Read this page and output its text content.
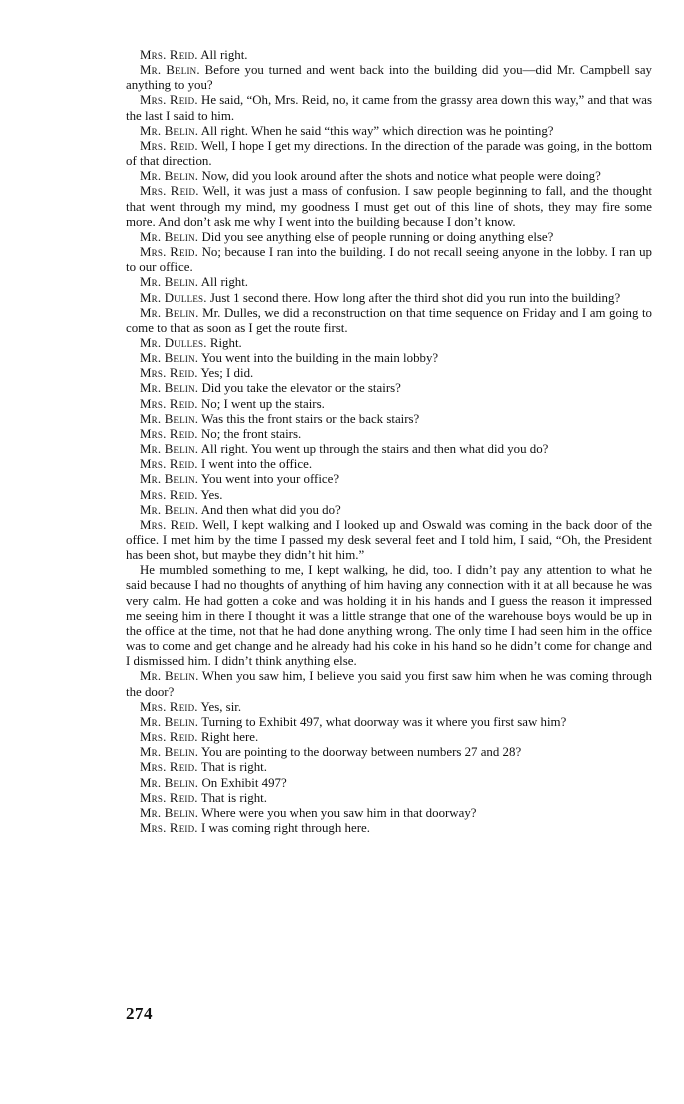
Mrs. Reid. All right.

Mr. Belin. Before you turned and went back into the building did you—did Mr. Campbell say anything to you?

Mrs. Reid. He said, “Oh, Mrs. Reid, no, it came from the grassy area down this way,” and that was the last I said to him.

Mr. Belin. All right. When he said “this way” which direction was he pointing?

Mrs. Reid. Well, I hope I get my directions. In the direction of the parade was going, in the bottom of that direction.

Mr. Belin. Now, did you look around after the shots and notice what people were doing?

Mrs. Reid. Well, it was just a mass of confusion. I saw people beginning to fall, and the thought that went through my mind, my goodness I must get out of this line of shots, they may fire some more. And don’t ask me why I went into the building because I don’t know.

Mr. Belin. Did you see anything else of people running or doing anything else?

Mrs. Reid. No; because I ran into the building. I do not recall seeing anyone in the lobby. I ran up to our office.

Mr. Belin. All right.

Mr. Dulles. Just 1 second there. How long after the third shot did you run into the building?

Mr. Belin. Mr. Dulles, we did a reconstruction on that time sequence on Friday and I am going to come to that as soon as I get the route first.

Mr. Dulles. Right.

Mr. Belin. You went into the building in the main lobby?

Mrs. Reid. Yes; I did.

Mr. Belin. Did you take the elevator or the stairs?

Mrs. Reid. No; I went up the stairs.

Mr. Belin. Was this the front stairs or the back stairs?

Mrs. Reid. No; the front stairs.

Mr. Belin. All right. You went up through the stairs and then what did you do?

Mrs. Reid. I went into the office.

Mr. Belin. You went into your office?

Mrs. Reid. Yes.

Mr. Belin. And then what did you do?

Mrs. Reid. Well, I kept walking and I looked up and Oswald was coming in the back door of the office. I met him by the time I passed my desk several feet and I told him, I said, “Oh, the President has been shot, but maybe they didn’t hit him.”

He mumbled something to me, I kept walking, he did, too. I didn’t pay any attention to what he said because I had no thoughts of anything of him having any connection with it at all because he was very calm. He had gotten a coke and was holding it in his hands and I guess the reason it impressed me seeing him in there I thought it was a little strange that one of the warehouse boys would be up in the office at the time, not that he had done anything wrong. The only time I had seen him in the office was to come and get change and he already had his coke in his hand so he didn’t come for change and I dismissed him. I didn’t think anything else.

Mr. Belin. When you saw him, I believe you said you first saw him when he was coming through the door?

Mrs. Reid. Yes, sir.

Mr. Belin. Turning to Exhibit 497, what doorway was it where you first saw him?

Mrs. Reid. Right here.

Mr. Belin. You are pointing to the doorway between numbers 27 and 28?

Mrs. Reid. That is right.

Mr. Belin. On Exhibit 497?

Mrs. Reid. That is right.

Mr. Belin. Where were you when you saw him in that doorway?

Mrs. Reid. I was coming right through here.

274
